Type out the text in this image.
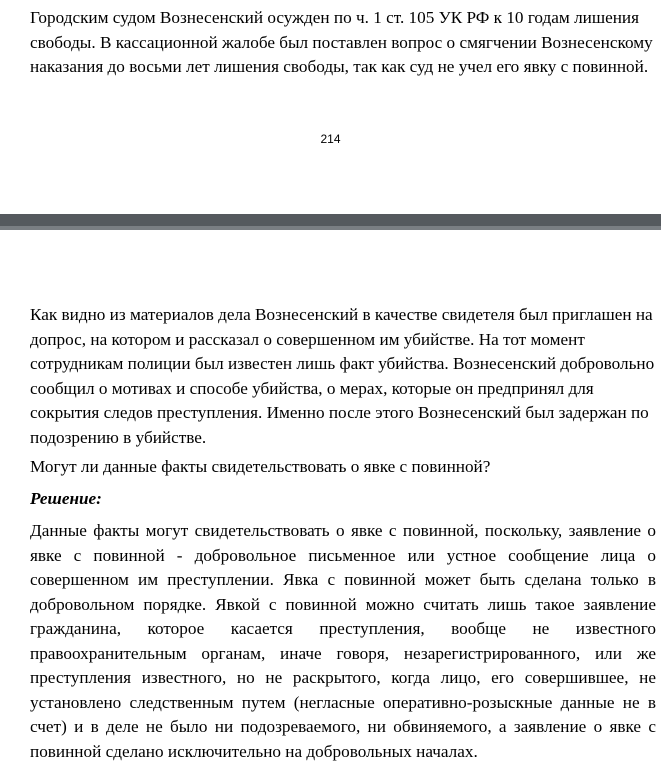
Городским судом Вознесенский осужден по ч. 1 ст. 105 УК РФ к 10 годам лишения свободы. В кассационной жалобе был поставлен вопрос о смягчении Вознесенскому наказания до восьми лет лишения свободы, так как суд не учел его явку с повинной.

214

Как видно из материалов дела Вознесенский в качестве свидетеля был приглашен на допрос, на котором и рассказал о совершенном им убийстве. На тот момент сотрудникам полиции был известен лишь факт убийства. Вознесенский добровольно сообщил о мотивах и способе убийства, о мерах, которые он предпринял для сокрытия следов преступления. Именно после этого Вознесенский был задержан по подозрению в убийстве.

Могут ли данные факты свидетельствовать о явке с повинной?

Решение:

Данные факты могут свидетельствовать о явке с повинной, поскольку, заявление о явке с повинной - добровольное письменное или устное сообщение лица о совершенном им преступлении. Явка с повинной может быть сделана только в добровольном порядке. Явкой с повинной можно считать лишь такое заявление гражданина, которое касается преступления, вообще не известного правоохранительным органам, иначе говоря, незарегистрированного, или же преступления известного, но не раскрытого, когда лицо, его совершившее, не установлено следственным путем (негласные оперативно-розыскные данные не в счет) и в деле не было ни подозреваемого, ни обвиняемого, а заявление о явке с повинной сделано исключительно на добровольных началах.
